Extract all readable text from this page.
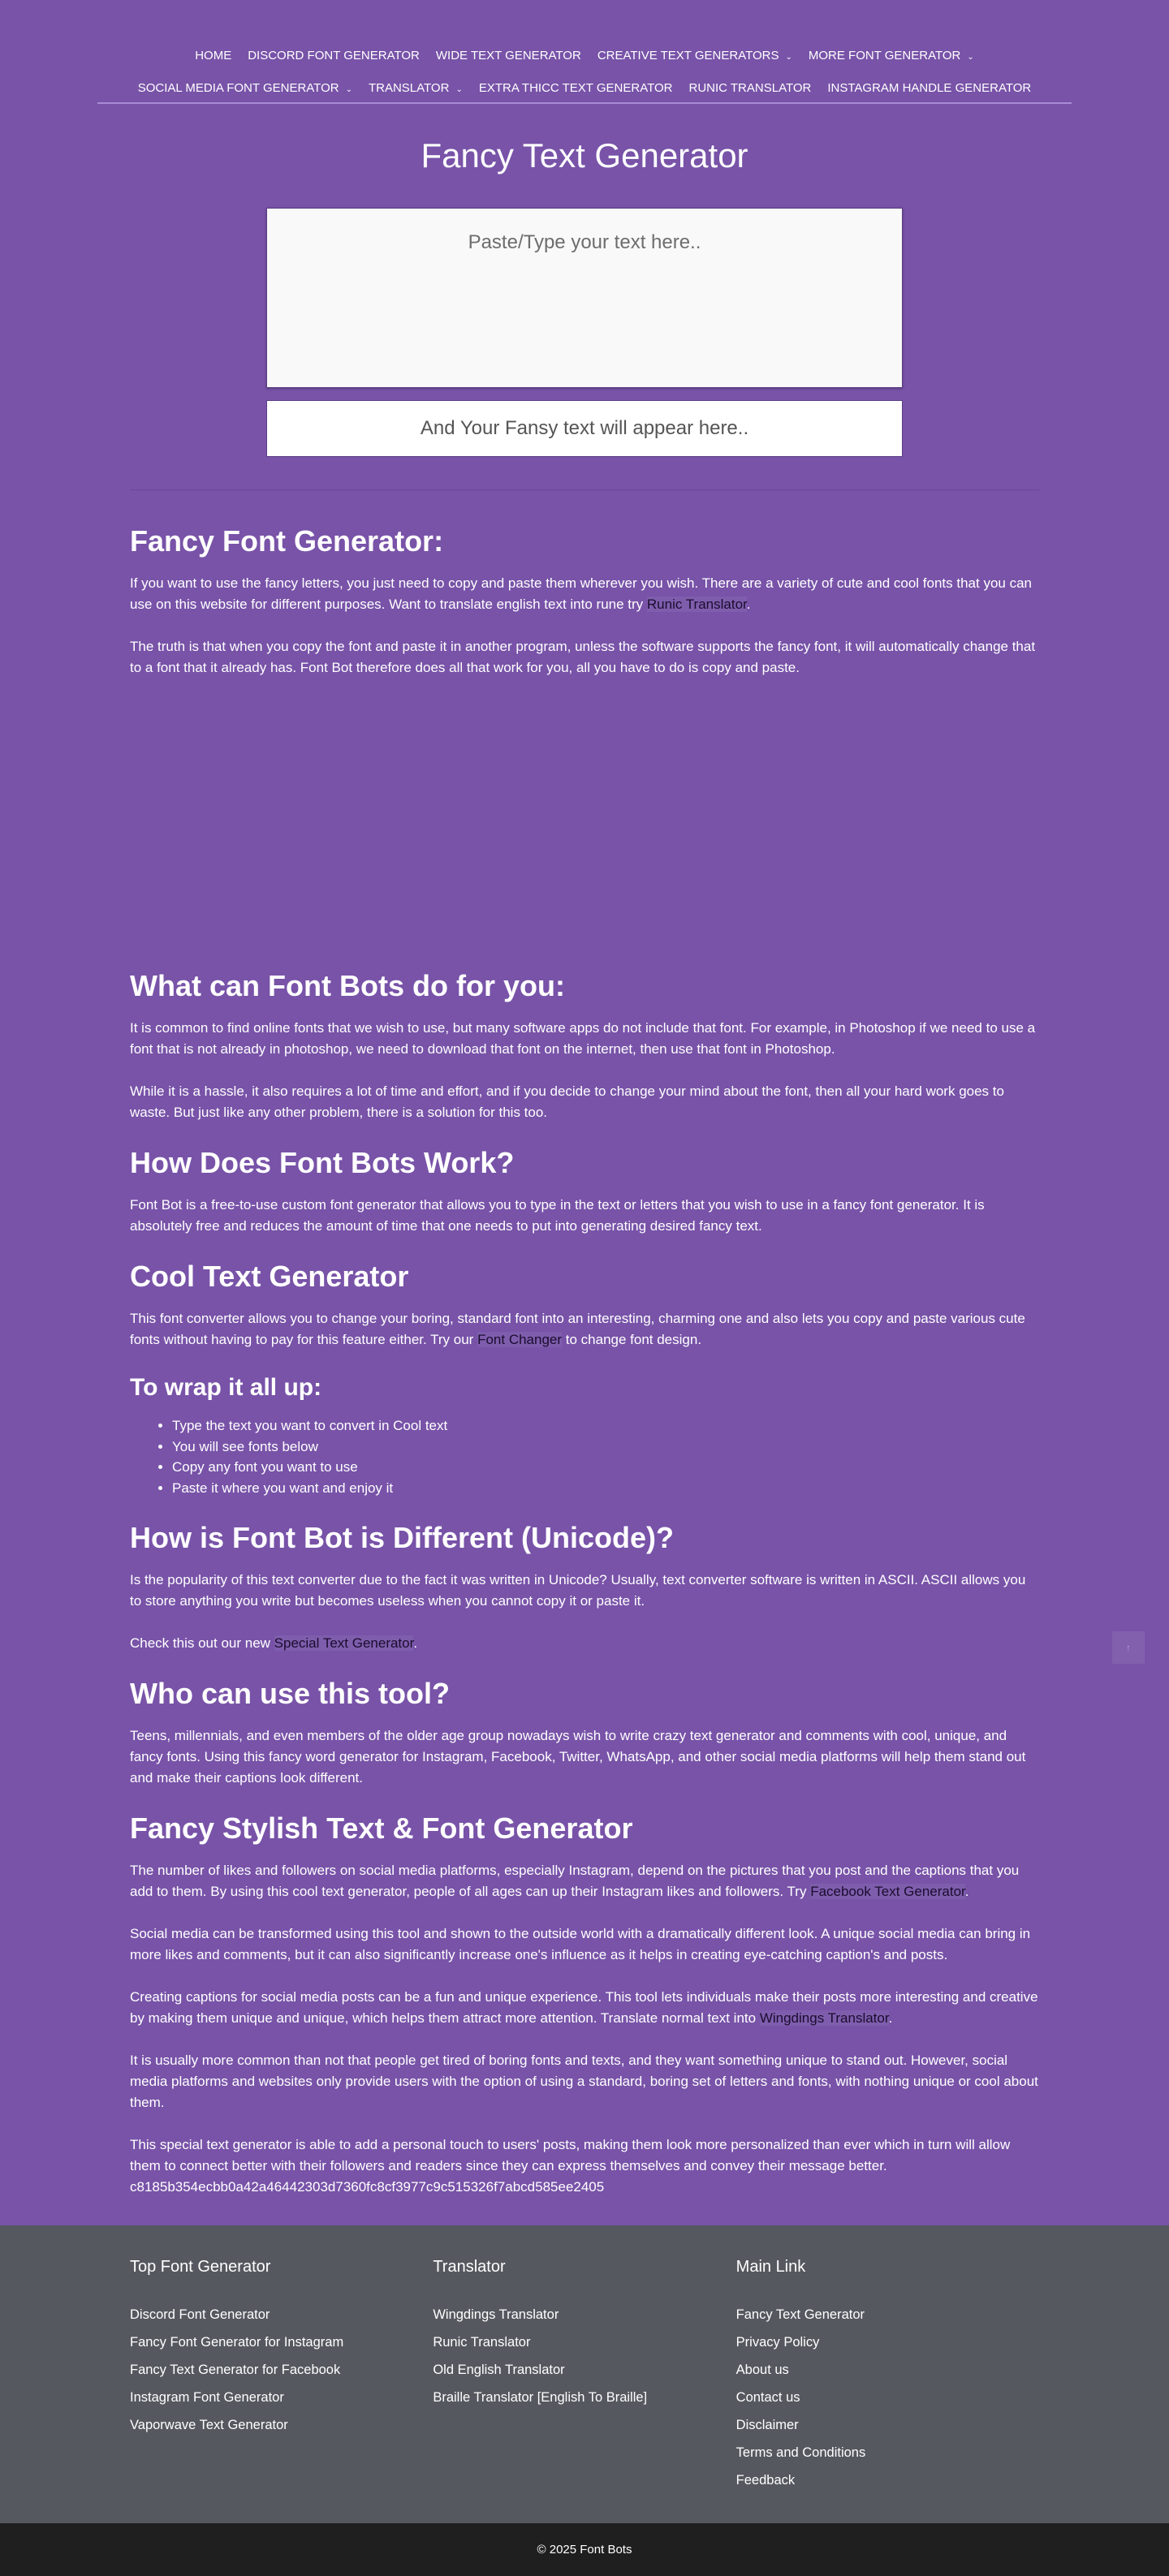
HOME DISCORD FONT GENERATOR WIDE TEXT GENERATOR CREATIVE TEXT GENERATORS ⌄ MORE FONT GENERATOR ⌄
SOCIAL MEDIA FONT GENERATOR ⌄ TRANSLATOR ⌄ EXTRA THICC TEXT GENERATOR RUNIC TRANSLATOR INSTAGRAM HANDLE GENERATOR
Fancy Text Generator
Paste/Type your text here..
And Your Fansy text will appear here..
Fancy Font Generator:

If you want to use the fancy letters, you just need to copy and paste them wherever you wish. There are a variety of cute and cool fonts that you can use on this website for different purposes. Want to translate english text into rune try Runic Translator.

The truth is that when you copy the font and paste it in another program, unless the software supports the fancy font, it will automatically change that to a font that it already has. Font Bot therefore does all that work for you, all you have to do is copy and paste.

What can Font Bots do for you:

It is common to find online fonts that we wish to use, but many software apps do not include that font. For example, in Photoshop if we need to use a font that is not already in photoshop, we need to download that font on the internet, then use that font in Photoshop.

While it is a hassle, it also requires a lot of time and effort, and if you decide to change your mind about the font, then all your hard work goes to waste. But just like any other problem, there is a solution for this too.

How Does Font Bots Work?

Font Bot is a free-to-use custom font generator that allows you to type in the text or letters that you wish to use in a fancy font generator. It is absolutely free and reduces the amount of time that one needs to put into generating desired fancy text.

Cool Text Generator

This font converter allows you to change your boring, standard font into an interesting, charming one and also lets you copy and paste various cute fonts without having to pay for this feature either. Try our Font Changer to change font design.

To wrap it all up:
• Type the text you want to convert in Cool text
• You will see fonts below
• Copy any font you want to use
• Paste it where you want and enjoy it
How is Font Bot is Different (Unicode)?

Is the popularity of this text converter due to the fact it was written in Unicode? Usually, text converter software is written in ASCII. ASCII allows you to store anything you write but becomes useless when you cannot copy it or paste it.

Check this out our new Special Text Generator.

Who can use this tool?

Teens, millennials, and even members of the older age group nowadays wish to write crazy text generator and comments with cool, unique, and fancy fonts. Using this fancy word generator for Instagram, Facebook, Twitter, WhatsApp, and other social media platforms will help them stand out and make their captions look different.

Fancy Stylish Text & Font Generator

The number of likes and followers on social media platforms, especially Instagram, depend on the pictures that you post and the captions that you add to them. By using this cool text generator, people of all ages can up their Instagram likes and followers. Try Facebook Text Generator.

Social media can be transformed using this tool and shown to the outside world with a dramatically different look. A unique social media can bring in more likes and comments, but it can also significantly increase one's influence as it helps in creating eye-catching caption's and posts.

Creating captions for social media posts can be a fun and unique experience. This tool lets individuals make their posts more interesting and creative by making them unique and unique, which helps them attract more attention. Translate normal text into Wingdings Translator.

It is usually more common than not that people get tired of boring fonts and texts, and they want something unique to stand out. However, social media platforms and websites only provide users with the option of using a standard, boring set of letters and fonts, with nothing unique or cool about them.

This special text generator is able to add a personal touch to users' posts, making them look more personalized than ever which in turn will allow them to connect better with their followers and readers since they can express themselves and convey their message better.
c8185b354ecbb0a42a46442303d7360fc8cf3977c9c515326f7abcd585ee2405

↑
Top Font Generator
Discord Font Generator
Fancy Font Generator for Instagram
Fancy Text Generator for Facebook
Instagram Font Generator
Vaporwave Text Generator
Translator
Wingdings Translator
Runic Translator
Old English Translator
Braille Translator [English To Braille]
Main Link
Fancy Text Generator
Privacy Policy
About us
Contact us
Disclaimer
Terms and Conditions
Feedback
© 2025 Font Bots
